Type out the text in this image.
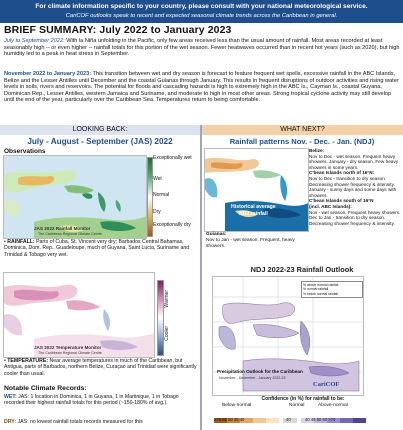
For climate information specific to your country, please consult with your national meteorological service.
CariCOF outlooks speak to recent and expected seasonal climate trends across the Caribbean in general.
BRIEF SUMMARY: July 2022 to January 2023
July to September 2022: With la Niña unfolding in the Pacific, only few areas received less than the usual amount of rainfall. Most areas recorded at least seasonably high -- or even higher -- rainfall totals for this portion of the wet season. Fewer heatwaves occurred than in recent hot years (such as 2020), but high humidity led to a peak in heat stress in September.
November 2022 to January 2023: This transition between wet and dry season is forecast to feature frequent wet spells, excessive rainfall in the ABC Islands, Belize and the Lesser Antilles until December and the coastal Guianas through January. This results in frequent disruptions of outdoor activities and rising water levels in soils, rivers and reservoirs. The potential for floods and cascading hazards is high to extremely high in the ABC Is., Cayman Is., coastal Guyana, Dominican Rep., Lesser Antilles, western Jamaica and Suriname, and moderate to high in most other areas. Strong tropical cyclone activity may still develop until the end of the year, particularly over the Caribbean Sea. Temperatures return to being comfortable.
LOOKING BACK:	WHAT NEXT?
July - August - September (JAS) 2022
Observations
JAS 2022 Rainfall Monitor
The Caribbean Regional Climate Centre
Exceptionally wet
Wet
Normal
Dry
Exceptionally dry
• RAINFALL: Parts of Cuba, St. Vincent very dry; Barbados Central Bahamas, Dominica, Dom. Rep., Guadeloupe, much of Guyana, Saint Lucia, Suriname and Trinidad & Tobago very wet.
JAS 2022 Temperature Monitor
The Caribbean Regional Climate Centre
Warmer
Cooler
• TEMPERATURE: Near average temperatures in much of the Caribbean, but Antigua, parts of Barbados, northern Belize, Curaçao and Trinidad were significantly cooler than usual.
Notable Climate Records:
WET: JAS: 1 location in Dominica, 1 in Guyana, 1 in Martinique, 1 in Tobago recorded their highest rainfall totals for this period (~150-180% of avg.).
DRY: JAS: no lowest rainfall totals records measured for this
Rainfall patterns Nov. - Dec. - Jan. (NDJ)
Historical average
NDJ rainfall
Belize:
Nov to Dec - wet season. Frequent heavy showers. January - dry season. Few heavy showers in some years.
C'bean Islands north of 16°N:
Nov to Dec - transition to dry season. Decreasing shower frequency & intensity. January - sunny days and some days with showers.
C'bean Islands south of 16°N
(incl. ABC Islands):
Nov - wet season. Frequent heavy showers. Dec to Jan - transition to dry season. Decreasing shower frequency & intensity.
Guianas:
Nov to Jan - wet season. Frequent, heavy showers.
NDJ 2022-23 Rainfall Outlook
% above normal rainfall
% normal rainfall
% below normal rainfall
Precipitation Outlook for the Caribbean
November - December - January 2022-23
CariCOF
Confidence (in %) for rainfall to be:
Below-normal	Normal	Above-normal
>70 60 50 45 40	40	40 45 50 60 >70
